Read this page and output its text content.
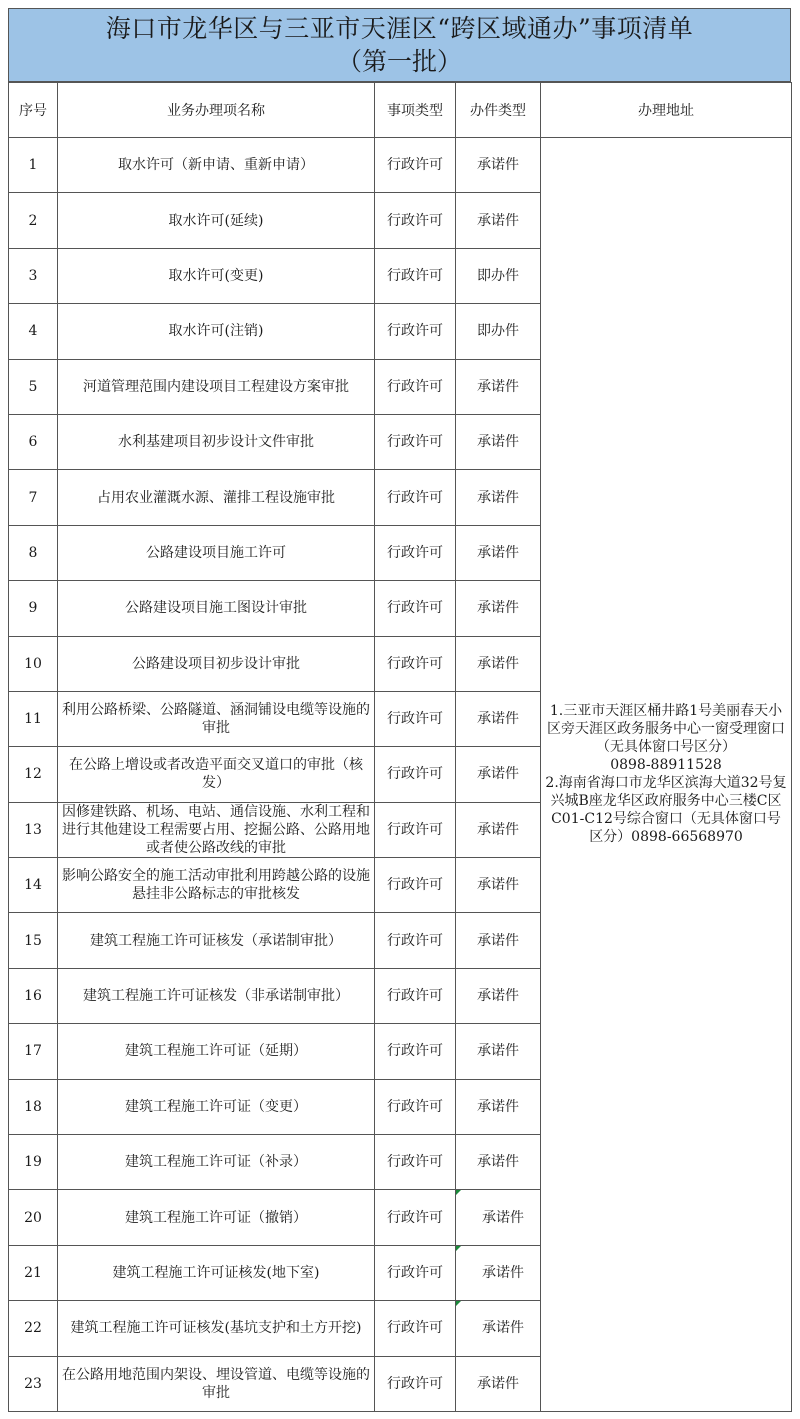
海口市龙华区与三亚市天涯区“跨区域通办”事项清单
（第一批）
序号	业务办理项名称	事项类型	办件类型	办理地址
1	取水许可（新申请、重新申请）	行政许可	承诺件	1.三亚市天涯区桶井路1号美丽春天小区旁天涯区政务服务中心一窗受理窗口（无具体窗口号区分）
0898-88911528
2.海南省海口市龙华区滨海大道32号复兴城B座龙华区政府服务中心三楼C区C01-C12号综合窗口（无具体窗口号区分）0898-66568970

2	取水许可(延续)	行政许可	承诺件	
3	取水许可(变更)	行政许可	即办件	
4	取水许可(注销)	行政许可	即办件	
5	河道管理范围内建设项目工程建设方案审批	行政许可	承诺件	
6	水利基建项目初步设计文件审批	行政许可	承诺件	
7	占用农业灌溉水源、灌排工程设施审批	行政许可	承诺件	
8	公路建设项目施工许可	行政许可	承诺件	
9	公路建设项目施工图设计审批	行政许可	承诺件	
10	公路建设项目初步设计审批	行政许可	承诺件	
11	利用公路桥梁、公路隧道、涵洞铺设电缆等设施的审批	行政许可	承诺件	
12	在公路上增设或者改造平面交叉道口的审批（核发）	行政许可	承诺件	
13	因修建铁路、机场、电站、通信设施、水利工程和进行其他建设工程需要占用、挖掘公路、公路用地或者使公路改线的审批	行政许可	承诺件	
14	影响公路安全的施工活动审批利用跨越公路的设施悬挂非公路标志的审批核发	行政许可	承诺件	
15	建筑工程施工许可证核发（承诺制审批）	行政许可	承诺件	
16	建筑工程施工许可证核发（非承诺制审批）	行政许可	承诺件	
17	建筑工程施工许可证（延期）	行政许可	承诺件	
18	建筑工程施工许可证（变更）	行政许可	承诺件	
19	建筑工程施工许可证（补录）	行政许可	承诺件	
20	建筑工程施工许可证（撤销）	行政许可	承诺件	
21	建筑工程施工许可证核发(地下室)	行政许可	承诺件	
22	建筑工程施工许可证核发(基坑支护和土方开挖)	行政许可	承诺件	
23	在公路用地范围内架设、埋设管道、电缆等设施的审批	行政许可	承诺件	
